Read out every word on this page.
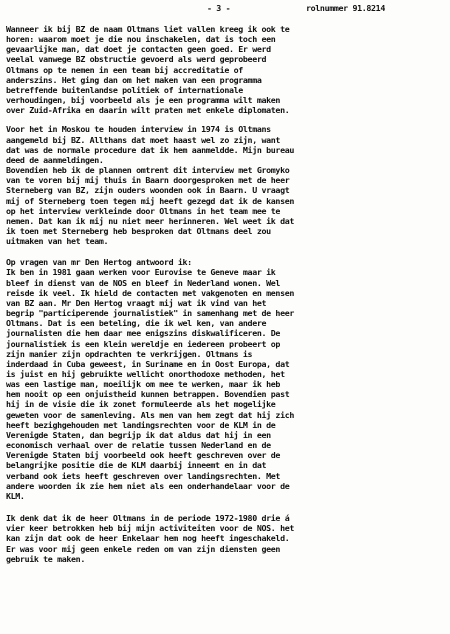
- 3 -	rolnummer 91.8214
Wanneer ik bij BZ de naam Oltmans liet vallen kreeg ik ook te
horen: waarom moet je die nou inschakelen, dat is toch een
gevaarlijke man, dat doet je contacten geen goed. Er werd
veelal vanwege BZ obstructie gevoerd als werd geprobeerd
Oltmans op te nemen in een team bij accreditatie of
anderszins. Het ging dan om het maken van een programma
betreffende buitenlandse politiek of internationale
verhoudingen, bij voorbeeld als je een programma wilt maken
over Zuid-Afrika en daarin wilt praten met enkele diplomaten.
Voor het in Moskou te houden interview in 1974 is Oltmans
aangemeld bij BZ. Allthans dat moet haast wel zo zijn, want
dat was de normale procedure dat ik hem aanmeldde. Mijn bureau
deed de aanmeldingen.
Bovendien heb ik de plannen omtrent dit interview met Gromyko
van te voren bij mij thuis in Baarn doorgesproken met de heer
Sterneberg van BZ, zijn ouders woonden ook in Baarn. U vraagt
mij of Sterneberg toen tegen mij heeft gezegd dat ik de kansen
op het interview verkleinde door Oltmans in het team mee te
nemen. Dat kan ik mij nu niet meer herinneren. Wel weet ik dat
ik toen met Sterneberg heb besproken dat Oltmans deel zou
uitmaken van het team.
Op vragen van mr Den Hertog antwoord ik:
Ik ben in 1981 gaan werken voor Eurovise te Geneve maar ik
bleef in dienst van de NOS en bleef in Nederland wonen. Wel
reisde ik veel. Ik hield de contacten met vakgenoten en mensen
van BZ aan. Mr Den Hertog vraagt mij wat ik vind van het
begrip "participerende journalistiek" in samenhang met de heer
Oltmans. Dat is een beteling, die ik wel ken, van andere
journalisten die hem daar mee enigszins diskwalificeren. De
journalistiek is een klein wereldje en iedereen probeert op
zijn manier zijn opdrachten te verkrijgen. Oltmans is
inderdaad in Cuba geweest, in Suriname en in Oost Europa, dat
is juist en hij gebruikte wellicht onorthodoxe methoden, het
was een lastige man, moeilijk om mee te werken, maar ik heb
hem nooit op een onjuistheid kunnen betrappen. Bovendien past
hij in de visie die ik zonet formuleerde als het mogelijke
geweten voor de samenleving. Als men van hem zegt dat hij zich
heeft bezighgehouden met landingsrechten voor de KLM in de
Verenigde Staten, dan begrijp ik dat aldus dat hij in een
economisch verhaal over de relatie tussen Nederland en de
Verenigde Staten bij voorbeeld ook heeft geschreven over de
belangrijke positie die de KLM daarbij inneemt en in dat
verband ook iets heeft geschreven over landingsrechten. Met
andere woorden ik zie hem niet als een onderhandelaar voor de
KLM.
Ik denk dat ik de heer Oltmans in de periode 1972-1980 drie á
vier keer betrokken heb bij mijn activiteiten voor de NOS. het
kan zijn dat ook de heer Enkelaar hem nog heeft ingeschakeld.
Er was voor mij geen enkele reden om van zijn diensten geen
gebruik te maken.
